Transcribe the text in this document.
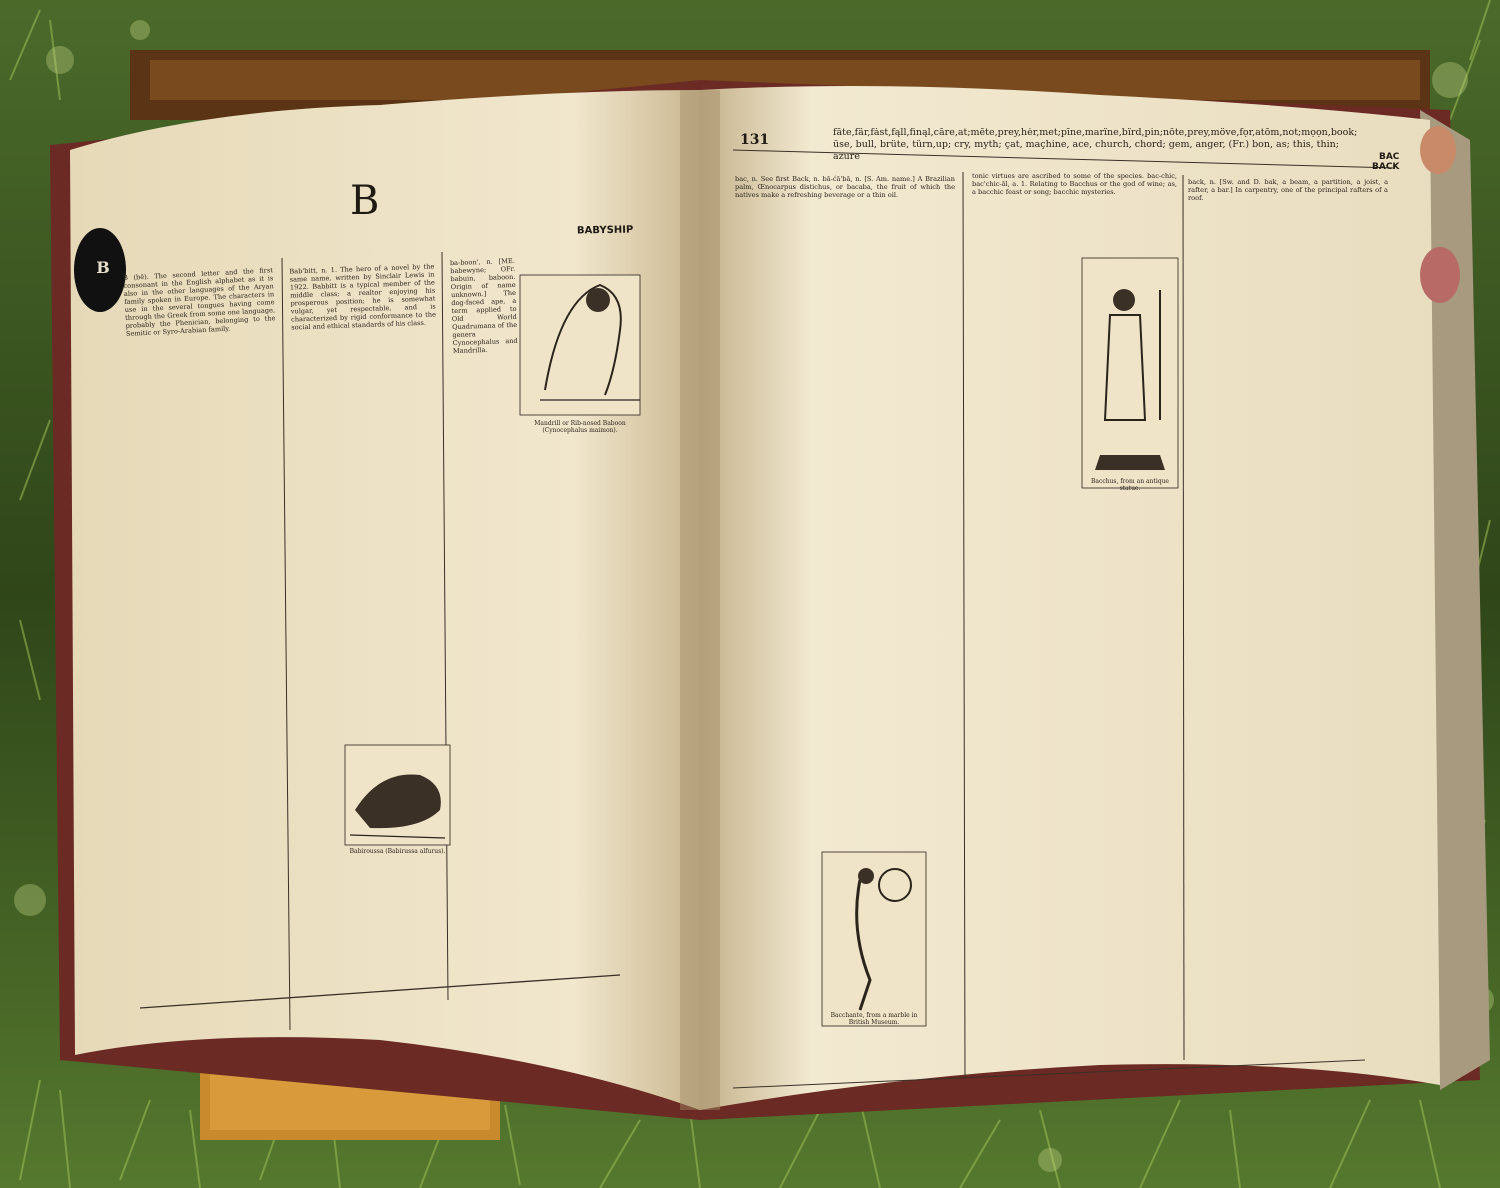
B
B
BABYSHIP
131	fāte,fär,fȧst,fąll,finąl,cāre,at;mēte,prey,hėr,met;pīne,marïne,bïrd,pin;nōte,prey,möve,fọr,atōm,not;mọọn,book;
ūse, bull, brüte, türn,up; cry, myth; çat, maçhine, ace, church, chord; gem, anger, (Fr.) bon, as; this, thin; azure	BAC
BACK
B (bē). The second letter and the first consonant in the English alphabet as it is also in the other languages of the Aryan family spoken in Europe. The characters in use in the several tongues having come through the Greek from some one language, probably the Phenician, belonging to the Semitic or Syro-Arabian family.
Bab'bitt, n. 1. The hero of a novel by the same name, written by Sinclair Lewis in 1922. Babbitt is a typical member of the middle class; a realtor enjoying his prosperous position; he is somewhat vulgar, yet respectable, and is characterized by rigid conformance to the social and ethical standards of his class.
ba-boon', n. [ME. babewyne; OFr. babuin, baboon. Origin of name unknown.] The dog-faced ape, a term applied to Old World Quadrumana of the genera Cynocephalus and Mandrilla.
Mandrill or Rib-nosed Baboon (Cynocephalus maimon).
Babiroussa (Babirussa alfurus).
bac, n. See first Back, n. bā-ćā'bā, n. [S. Am. name.] A Brazilian palm, Œnocarpus distichus, or bacaba, the fruit of which the natives make a refreshing beverage or a thin oil.
tonic virtues are ascribed to some of the species. bac-chic, bac'chic-ăl, a. 1. Relating to Bacchus or the god of wine; as, a bacchic feast or song; bacchic mysteries.
back, n. [Sw. and D. bak, a beam, a partition, a joist, a rafter, a bar.] In carpentry, one of the principal rafters of a roof.
Bacchus, from an antique statue.
Bacchante, from a marble in British Museum.
